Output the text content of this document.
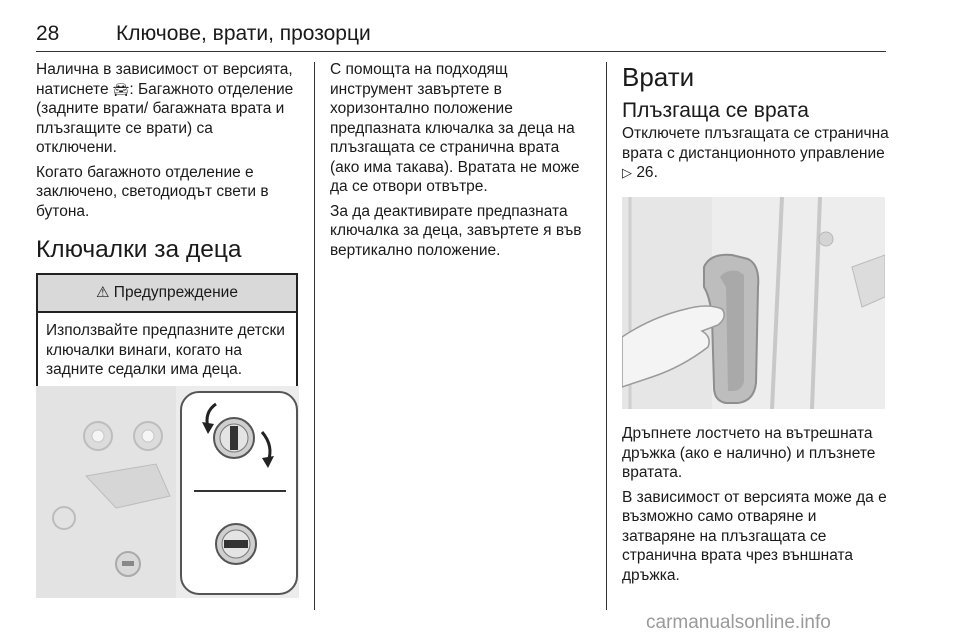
28	Ключове, врати, прозорци

Налична в зависимост от версията, натиснете 🚘︎: Багажното отделение (задните врати/ багажната врата и плъзгащите се врати) са отключени.

Когато багажното отделение е заключено, светодиодът свети в бутона.

Ключалки за деца
⚠ Предупреждение
Използвайте предпазните детски ключалки винаги, когато на задните седалки има деца.

С помощта на подходящ инструмент завъртете в хоризонтално положение предпазната ключалка за деца на плъзгащата се странична врата (ако има такава). Вратата не може да се отвори отвътре.

За да деактивирате предпазната ключалка за деца, завъртете я във вертикално положение.

Врати
Плъзгаща се врата

Отключете плъзгащата се странична врата с дистанционното управление ▷ 26.

Дръпнете лостчето на вътрешната дръжка (ако е налично) и плъзнете вратата.

В зависимост от версията може да е възможно само отваряне и затваряне на плъзгащата се странична врата чрез външната дръжка.

carmanualsonline.info
